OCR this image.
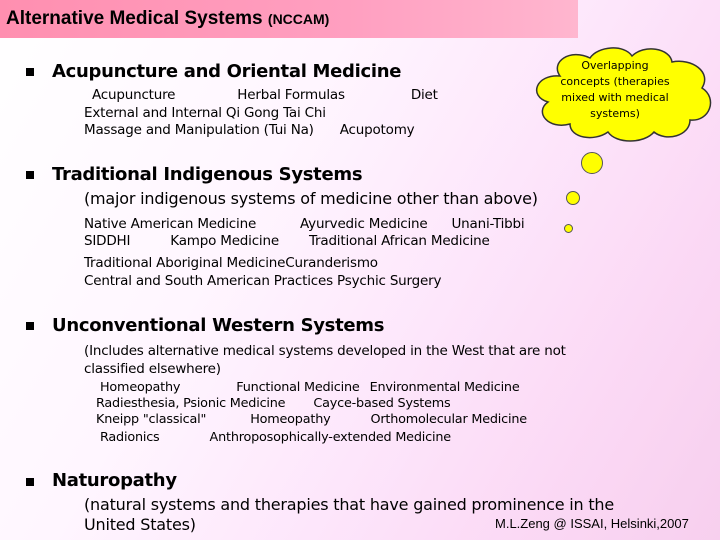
Alternative Medical Systems (NCCAM)
Overlapping
concepts (therapies
mixed with medical
systems)
Acupuncture and Oriental Medicine
Acupuncture	Herbal Formulas	Diet
External and Internal Qi Gong Tai Chi
Massage and Manipulation (Tui Na) Acupotomy
Traditional Indigenous Systems
(major indigenous systems of medicine other than above)
Native American Medicine	Ayurvedic Medicine Unani-Tibbi
SIDDHI	Kampo Medicine Traditional African Medicine
Traditional Aboriginal MedicineCuranderismo
Central and South American Practices Psychic Surgery
Unconventional Western Systems
(Includes alternative medical systems developed in the West that are not
classified elsewhere)
Homeopathy	Functional Medicine Environmental Medicine
Radiesthesia, Psionic Medicine Cayce-based Systems
Kneipp "classical"	Homeopathy	Orthomolecular Medicine
Radionics	Anthroposophically-extended Medicine
Naturopathy
(natural systems and therapies that have gained prominence in the
United States)	M.L.Zeng @ ISSAI, Helsinki,2007
